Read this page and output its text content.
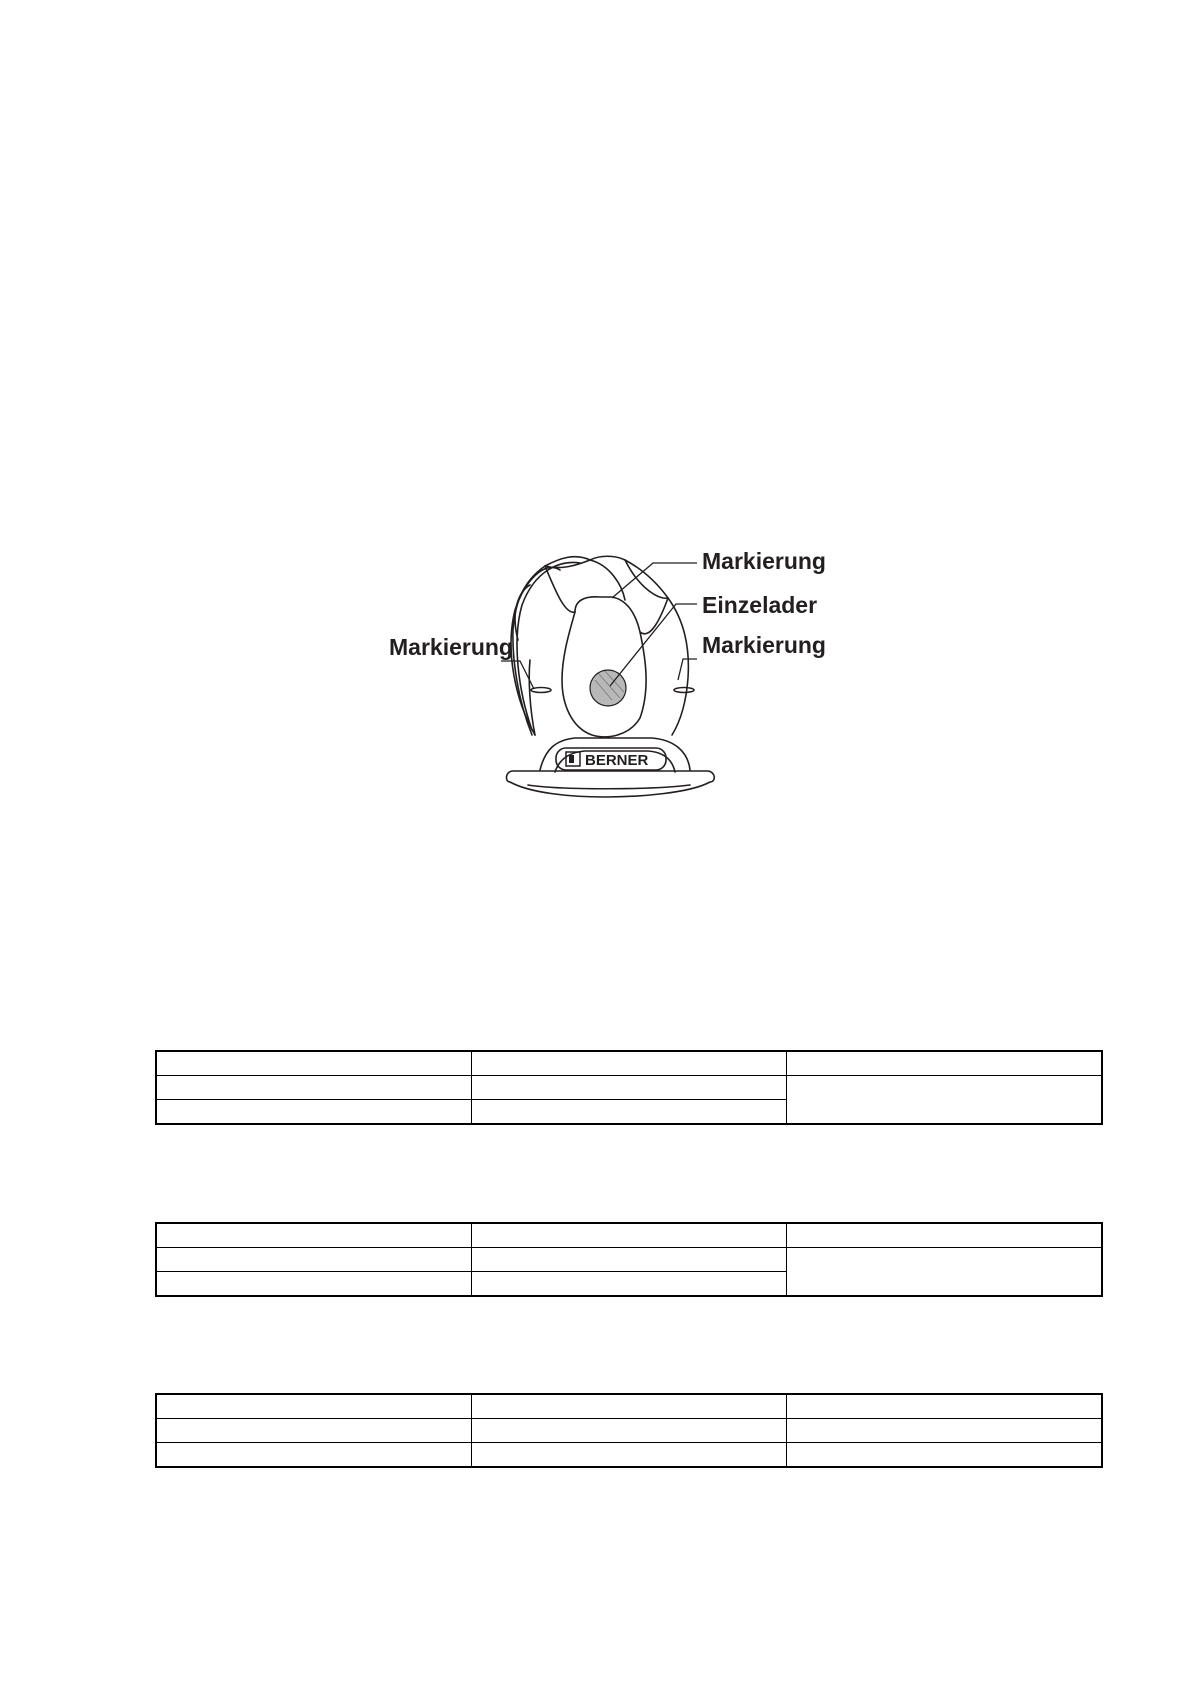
BERNER
Markierung
Einzelader
Markierung	Markierung
